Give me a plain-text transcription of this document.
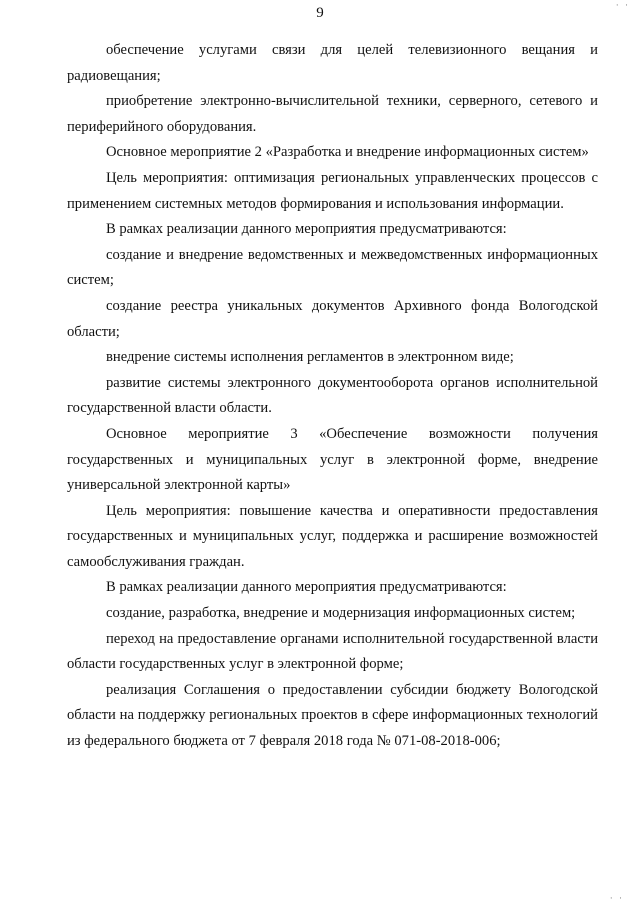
9

обеспечение услугами связи для целей телевизионного вещания и радиовещания;

приобретение электронно-вычислительной техники, серверного, сетевого и периферийного оборудования.

Основное мероприятие 2 «Разработка и внедрение информационных систем»

Цель мероприятия: оптимизация региональных управленческих процессов с применением системных методов формирования и использования информации.

В рамках реализации данного мероприятия предусматриваются:

создание и внедрение ведомственных и межведомственных информационных систем;

создание реестра уникальных документов Архивного фонда Вологодской области;

внедрение системы исполнения регламентов в электронном виде;

развитие системы электронного документооборота органов исполнительной государственной власти области.

Основное мероприятие 3 «Обеспечение возможности получения государственных и муниципальных услуг в электронной форме, внедрение универсальной электронной карты»

Цель мероприятия: повышение качества и оперативности предоставления государственных и муниципальных услуг, поддержка и расширение возможностей самообслуживания граждан.

В рамках реализации данного мероприятия предусматриваются:

создание, разработка, внедрение и модернизация информационных систем;

переход на предоставление органами исполнительной государственной власти области государственных услуг в электронной форме;

реализация Соглашения о предоставлении субсидии бюджету Вологодской области на поддержку региональных проектов в сфере информационных технологий из федерального бюджета от 7 февраля 2018 года № 071-08-2018-006;

· ·
· ·
